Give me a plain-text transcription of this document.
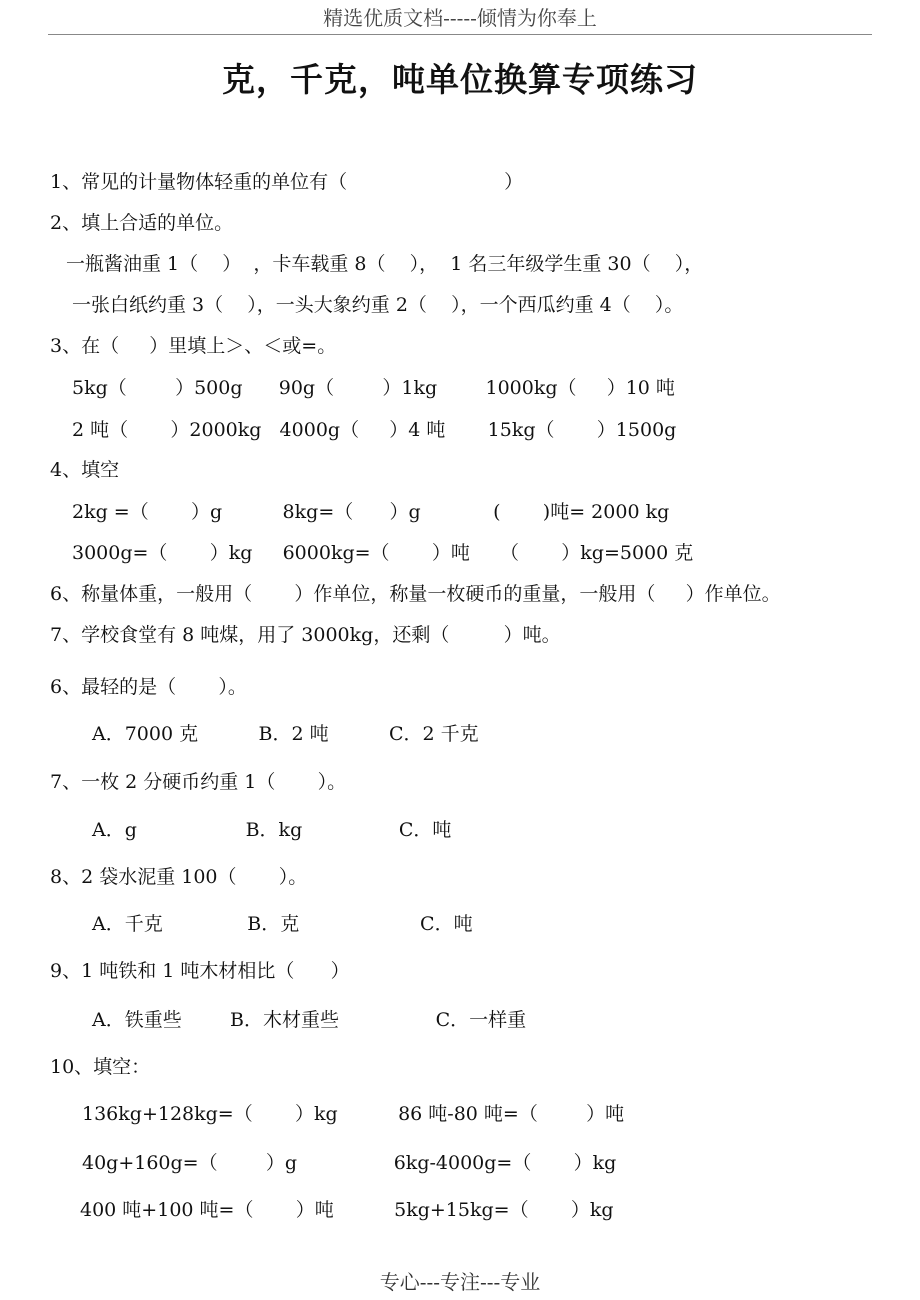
精选优质文档-----倾情为你奉上
克，千克，吨单位换算专项练习
1、常见的计量物体轻重的单位有（                          ）
2、填上合适的单位。
一瓶酱油重 1（    ）  ，卡车载重 8（    ），  1 名三年级学生重 30（    ），
一张白纸约重 3（    ），一头大象约重 2（    ），一个西瓜约重 4（    ）。
3、在（     ）里填上＞、＜或=。
5kg（        ）500g      90g（        ）1kg        1000kg（     ）10 吨
2 吨（       ）2000kg   4000g（     ）4 吨       15kg（       ）1500g
4、填空
2kg =（       ）g          8kg=（      ）g            (       )吨= 2000 kg
3000g=（       ）kg     6000kg=（       ）吨     （       ）kg=5000 克
6、称量体重，一般用（       ）作单位，称量一枚硬币的重量，一般用（     ）作单位。
7、学校食堂有 8 吨煤，用了 3000kg，还剩（         ）吨。
6、最轻的是（       ）。
A．7000 克          B．2 吨          C．2 千克
7、一枚 2 分硬币约重 1（       ）。
A．g                  B．kg                C．吨
8、2 袋水泥重 100（       ）。
A．千克              B．克                    C．吨
9、1 吨铁和 1 吨木材相比（      ）
A．铁重些        B．木材重些                C．一样重
10、填空：
136kg+128kg=（       ）kg          86 吨-80 吨=（        ）吨
40g+160g=（        ）g                6kg-4000g=（       ）kg
400 吨+100 吨=（       ）吨          5kg+15kg=（       ）kg
专心---专注---专业
